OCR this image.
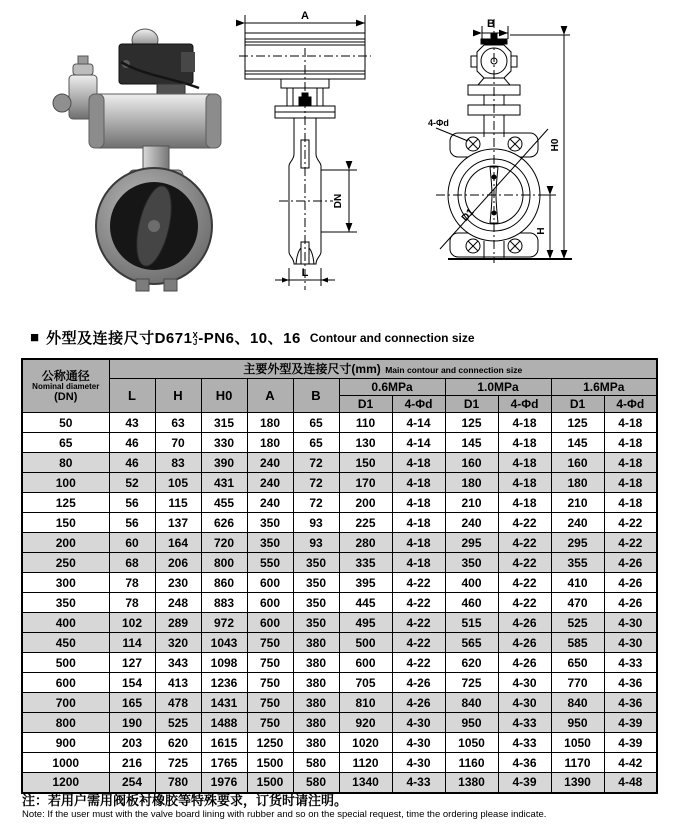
A
DN
L
B
4-Φd
D1
H0
H
■ 外型及连接尺寸D671 X
J -PN6、10、16 Contour and connection size
公称通径
Nominal diameter
(DN)	主要外型及连接尺寸(mm) Main contour and connection size										
	L	H	H0	A	B	0.6MPa		1.0MPa		1.6MPa	
						D1	4-Φd	D1	4-Φd	D1	4-Φd
50	43	63	315	180	65	110	4-14	125	4-18	125	4-18
65	46	70	330	180	65	130	4-14	145	4-18	145	4-18
80	46	83	390	240	72	150	4-18	160	4-18	160	4-18
100	52	105	431	240	72	170	4-18	180	4-18	180	4-18
125	56	115	455	240	72	200	4-18	210	4-18	210	4-18
150	56	137	626	350	93	225	4-18	240	4-22	240	4-22
200	60	164	720	350	93	280	4-18	295	4-22	295	4-22
250	68	206	800	550	350	335	4-18	350	4-22	355	4-26
300	78	230	860	600	350	395	4-22	400	4-22	410	4-26
350	78	248	883	600	350	445	4-22	460	4-22	470	4-26
400	102	289	972	600	350	495	4-22	515	4-26	525	4-30
450	114	320	1043	750	380	500	4-22	565	4-26	585	4-30
500	127	343	1098	750	380	600	4-22	620	4-26	650	4-33
600	154	413	1236	750	380	705	4-26	725	4-30	770	4-36
700	165	478	1431	750	380	810	4-26	840	4-30	840	4-36
800	190	525	1488	750	380	920	4-30	950	4-33	950	4-39
900	203	620	1615	1250	380	1020	4-30	1050	4-33	1050	4-39
1000	216	725	1765	1500	580	1120	4-30	1160	4-36	1170	4-42
1200	254	780	1976	1500	580	1340	4-33	1380	4-39	1390	4-48
注：若用户需用阀板衬橡胶等特殊要求，订货时请注明。
Note: If the user must with the valve board lining with rubber and so on the special request, time the ordering please indicate.
